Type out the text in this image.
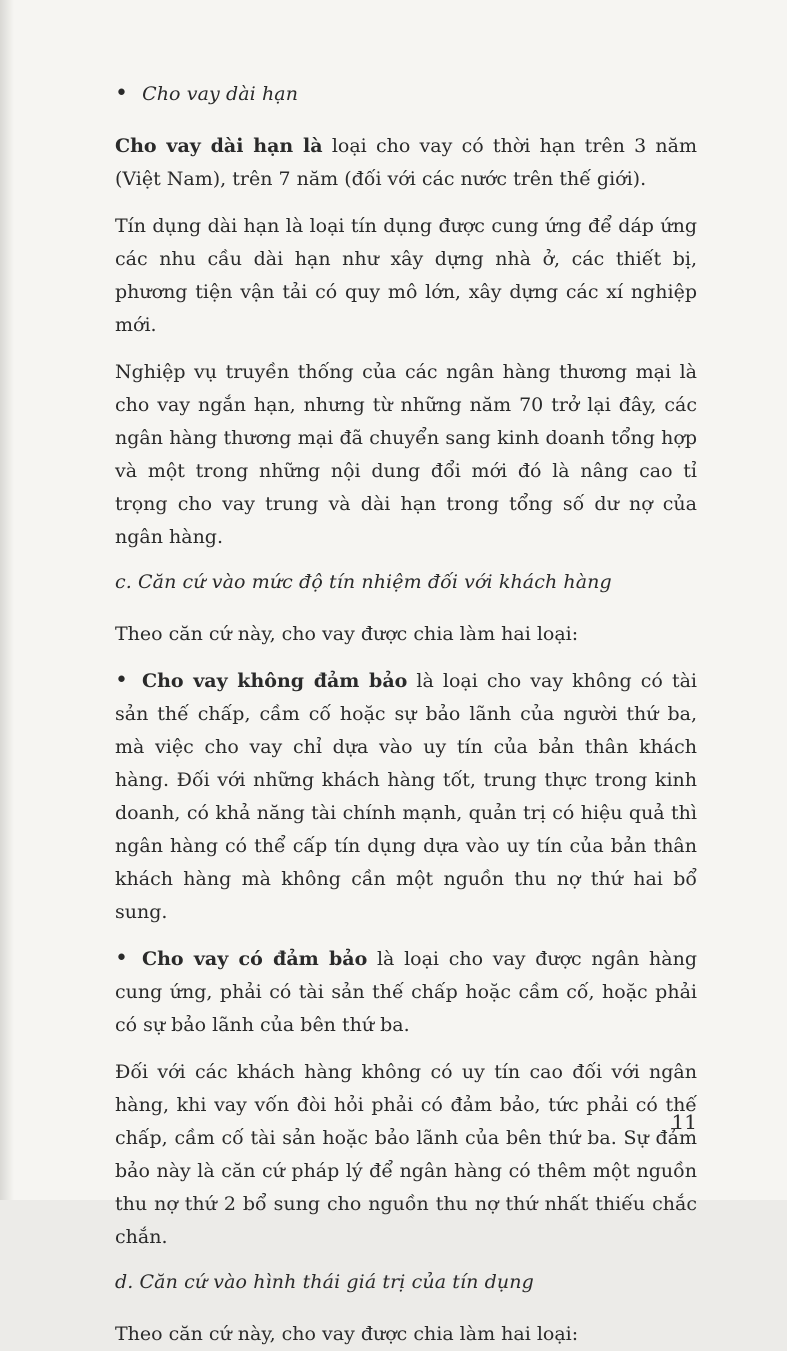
• Cho vay dài hạn

Cho vay dài hạn là loại cho vay có thời hạn trên 3 năm (Việt Nam), trên 7 năm (đối với các nước trên thế giới).

Tín dụng dài hạn là loại tín dụng được cung ứng để dáp ứng các nhu cầu dài hạn như xây dựng nhà ở, các thiết bị, phương tiện vận tải có quy mô lớn, xây dựng các xí nghiệp mới.

Nghiệp vụ truyền thống của các ngân hàng thương mại là cho vay ngắn hạn, nhưng từ những năm 70 trở lại đây, các ngân hàng thương mại đã chuyển sang kinh doanh tổng hợp và một trong những nội dung đổi mới đó là nâng cao tỉ trọng cho vay trung và dài hạn trong tổng số dư nợ của ngân hàng.

c. Căn cứ vào mức độ tín nhiệm đối với khách hàng

Theo căn cứ này, cho vay được chia làm hai loại:

• Cho vay không đảm bảo là loại cho vay không có tài sản thế chấp, cầm cố hoặc sự bảo lãnh của người thứ ba, mà việc cho vay chỉ dựa vào uy tín của bản thân khách hàng. Đối với những khách hàng tốt, trung thực trong kinh doanh, có khả năng tài chính mạnh, quản trị có hiệu quả thì ngân hàng có thể cấp tín dụng dựa vào uy tín của bản thân khách hàng mà không cần một nguồn thu nợ thứ hai bổ sung.

• Cho vay có đảm bảo là loại cho vay được ngân hàng cung ứng, phải có tài sản thế chấp hoặc cầm cố, hoặc phải có sự bảo lãnh của bên thứ ba.

Đối với các khách hàng không có uy tín cao đối với ngân hàng, khi vay vốn đòi hỏi phải có đảm bảo, tức phải có thế chấp, cầm cố tài sản hoặc bảo lãnh của bên thứ ba. Sự đảm bảo này là căn cứ pháp lý để ngân hàng có thêm một nguồn thu nợ thứ 2 bổ sung cho nguồn thu nợ thứ nhất thiếu chắc chắn.

d. Căn cứ vào hình thái giá trị của tín dụng

Theo căn cứ này, cho vay được chia làm hai loại:

11
